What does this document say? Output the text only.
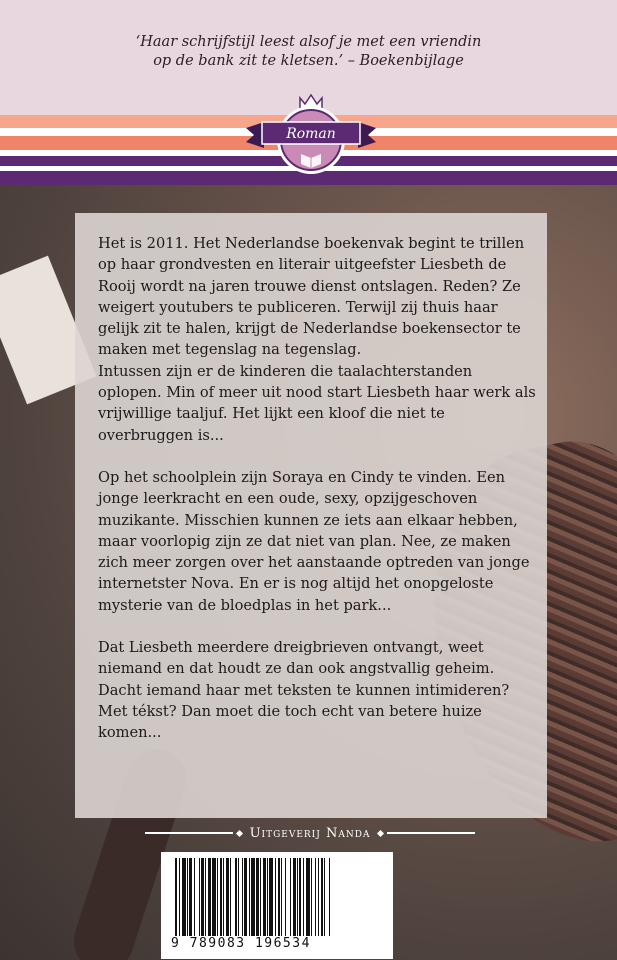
‘Haar schrijfstijl leest alsof je met een vriendin
op de bank zit te kletsen.’ – Boekenbijlage
Roman

Het is 2011. Het Nederlandse boekenvak begint te trillen op haar grondvesten en literair uitgeefster Liesbeth de Rooij wordt na jaren trouwe dienst ontslagen. Reden? Ze weigert youtubers te publiceren. Terwijl zij thuis haar gelijk zit te halen, krijgt de Nederlandse boekensector te maken met tegenslag na tegenslag.
Intussen zijn er de kinderen die taalachterstanden oplopen. Min of meer uit nood start Liesbeth haar werk als vrijwillige taaljuf. Het lijkt een kloof die niet te overbruggen is...

Op het schoolplein zijn Soraya en Cindy te vinden. Een jonge leerkracht en een oude, sexy, opzijgeschoven muzikante. Misschien kunnen ze iets aan elkaar hebben, maar voorlopig zijn ze dat niet van plan. Nee, ze maken zich meer zorgen over het aanstaande optreden van jonge internetster Nova. En er is nog altijd het onopgeloste mysterie van de bloedplas in het park...

Dat Liesbeth meerdere dreigbrieven ontvangt, weet niemand en dat houdt ze dan ook angstvallig geheim. Dacht iemand haar met teksten te kunnen intimideren? Met tékst? Dan moet die toch echt van betere huize komen...

Uitgeverij Nanda
9 789083 196534
